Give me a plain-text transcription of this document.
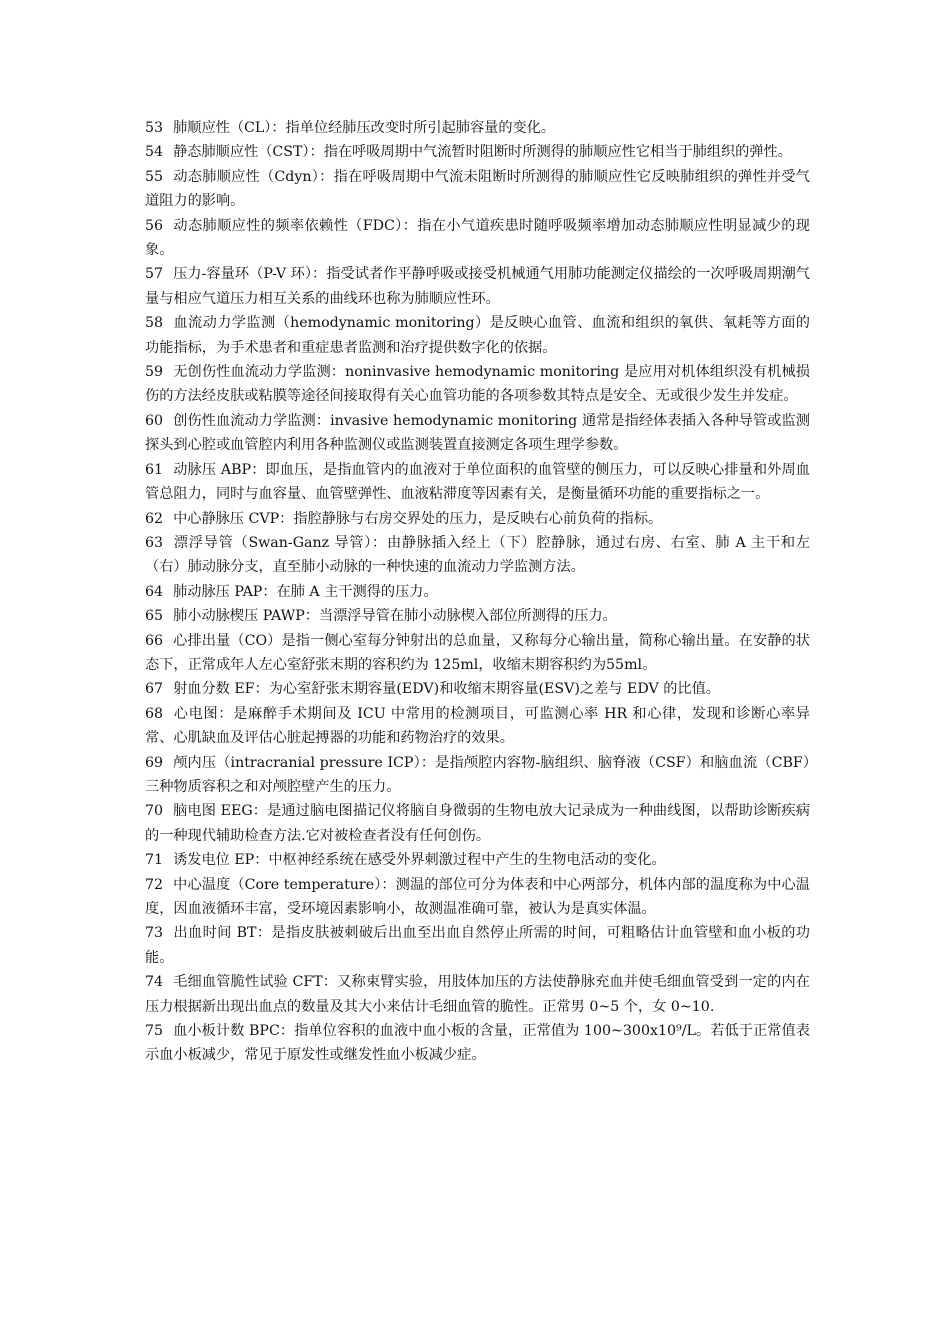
53 肺顺应性（CL）：指单位经肺压改变时所引起肺容量的变化。

54 静态肺顺应性（CST）：指在呼吸周期中气流暂时阻断时所测得的肺顺应性它相当于肺组织的弹性。

55 动态肺顺应性（Cdyn）：指在呼吸周期中气流未阻断时所测得的肺顺应性它反映肺组织的弹性并受气道阻力的影响。

56 动态肺顺应性的频率依赖性（FDC）：指在小气道疾患时随呼吸频率增加动态肺顺应性明显减少的现象。

57 压力-容量环（P-V 环）：指受试者作平静呼吸或接受机械通气用肺功能测定仪描绘的一次呼吸周期潮气量与相应气道压力相互关系的曲线环也称为肺顺应性环。

58 血流动力学监测（hemodynamic monitoring）是反映心血管、血流和组织的氧供、氧耗等方面的功能指标，为手术患者和重症患者监测和治疗提供数字化的依据。

59 无创伤性血流动力学监测：noninvasive hemodynamic monitoring 是应用对机体组织没有机械损伤的方法经皮肤或粘膜等途径间接取得有关心血管功能的各项参数其特点是安全、无或很少发生并发症。

60 创伤性血流动力学监测：invasive hemodynamic monitoring 通常是指经体表插入各种导管或监测探头到心腔或血管腔内利用各种监测仪或监测装置直接测定各项生理学参数。

61 动脉压 ABP：即血压，是指血管内的血液对于单位面积的血管壁的侧压力，可以反映心排量和外周血管总阻力，同时与血容量、血管壁弹性、血液粘滞度等因素有关，是衡量循环功能的重要指标之一。

62 中心静脉压 CVP：指腔静脉与右房交界处的压力，是反映右心前负荷的指标。

63 漂浮导管（Swan-Ganz 导管）：由静脉插入经上（下）腔静脉，通过右房、右室、肺 A 主干和左（右）肺动脉分支，直至肺小动脉的一种快速的血流动力学监测方法。

64 肺动脉压 PAP：在肺 A 主干测得的压力。

65 肺小动脉楔压 PAWP：当漂浮导管在肺小动脉楔入部位所测得的压力。

66 心排出量（CO）是指一侧心室每分钟射出的总血量，又称每分心输出量，简称心输出量。在安静的状态下，正常成年人左心室舒张末期的容积约为 125ml，收缩末期容积约为55ml。

67 射血分数 EF：为心室舒张末期容量(EDV)和收缩末期容量(ESV)之差与 EDV 的比值。

68 心电图：是麻醉手术期间及 ICU 中常用的检测项目，可监测心率 HR 和心律，发现和诊断心率异常、心肌缺血及评估心脏起搏器的功能和药物治疗的效果。

69 颅内压（intracranial pressure ICP）：是指颅腔内容物-脑组织、脑脊液（CSF）和脑血流（CBF）三种物质容积之和对颅腔壁产生的压力。

70 脑电图 EEG：是通过脑电图描记仪将脑自身微弱的生物电放大记录成为一种曲线图，以帮助诊断疾病的一种现代辅助检查方法.它对被检查者没有任何创伤。

71 诱发电位 EP：中枢神经系统在感受外界刺激过程中产生的生物电活动的变化。

72 中心温度（Core temperature）：测温的部位可分为体表和中心两部分，机体内部的温度称为中心温度，因血液循环丰富，受环境因素影响小，故测温准确可靠，被认为是真实体温。

73 出血时间 BT：是指皮肤被刺破后出血至出血自然停止所需的时间，可粗略估计血管壁和血小板的功能。

74 毛细血管脆性试验 CFT：又称束臂实验，用肢体加压的方法使静脉充血并使毛细血管受到一定的内在压力根据新出现出血点的数量及其大小来估计毛细血管的脆性。正常男 0~5 个，女 0~10.

75 血小板计数 BPC：指单位容积的血液中血小板的含量，正常值为 100~300x10⁹/L。若低于正常值表示血小板减少，常见于原发性或继发性血小板减少症。
